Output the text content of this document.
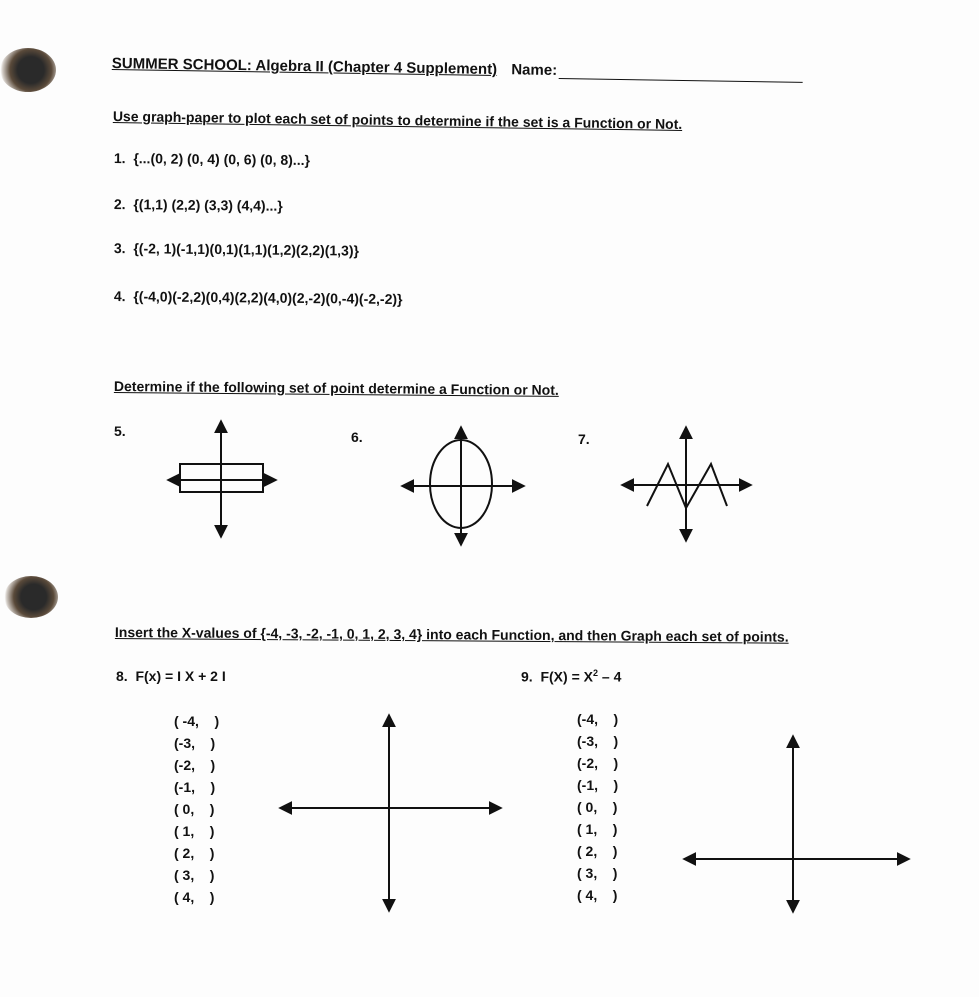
SUMMER SCHOOL: Algebra II (Chapter 4 Supplement) Name:
Use graph-paper to plot each set of points to determine if the set is a Function or Not.
1. {...(0, 2) (0, 4) (0, 6) (0, 8)...}
2. {(1,1) (2,2) (3,3) (4,4)...}
3. {(-2, 1)(-1,1)(0,1)(1,1)(1,2)(2,2)(1,3)}
4. {(-4,0)(-2,2)(0,4)(2,2)(4,0)(2,-2)(0,-4)(-2,-2)}
Determine if the following set of point determine a Function or Not.
5.	6.	7.
Insert the X-values of {-4, -3, -2, -1, 0, 1, 2, 3, 4} into each Function, and then Graph each set of points.
8. F(x) = I X + 2 I	9. $F(X) = X^2 - 4$
( -4,    )
(-3,    )
(-2,    )
(-1,    )
( 0,    )
( 1,    )
( 2,    )
( 3,    )
( 4,    )
(-4,    )
(-3,    )
(-2,    )
(-1,    )
( 0,    )
( 1,    )
( 2,    )
( 3,    )
( 4,    )
